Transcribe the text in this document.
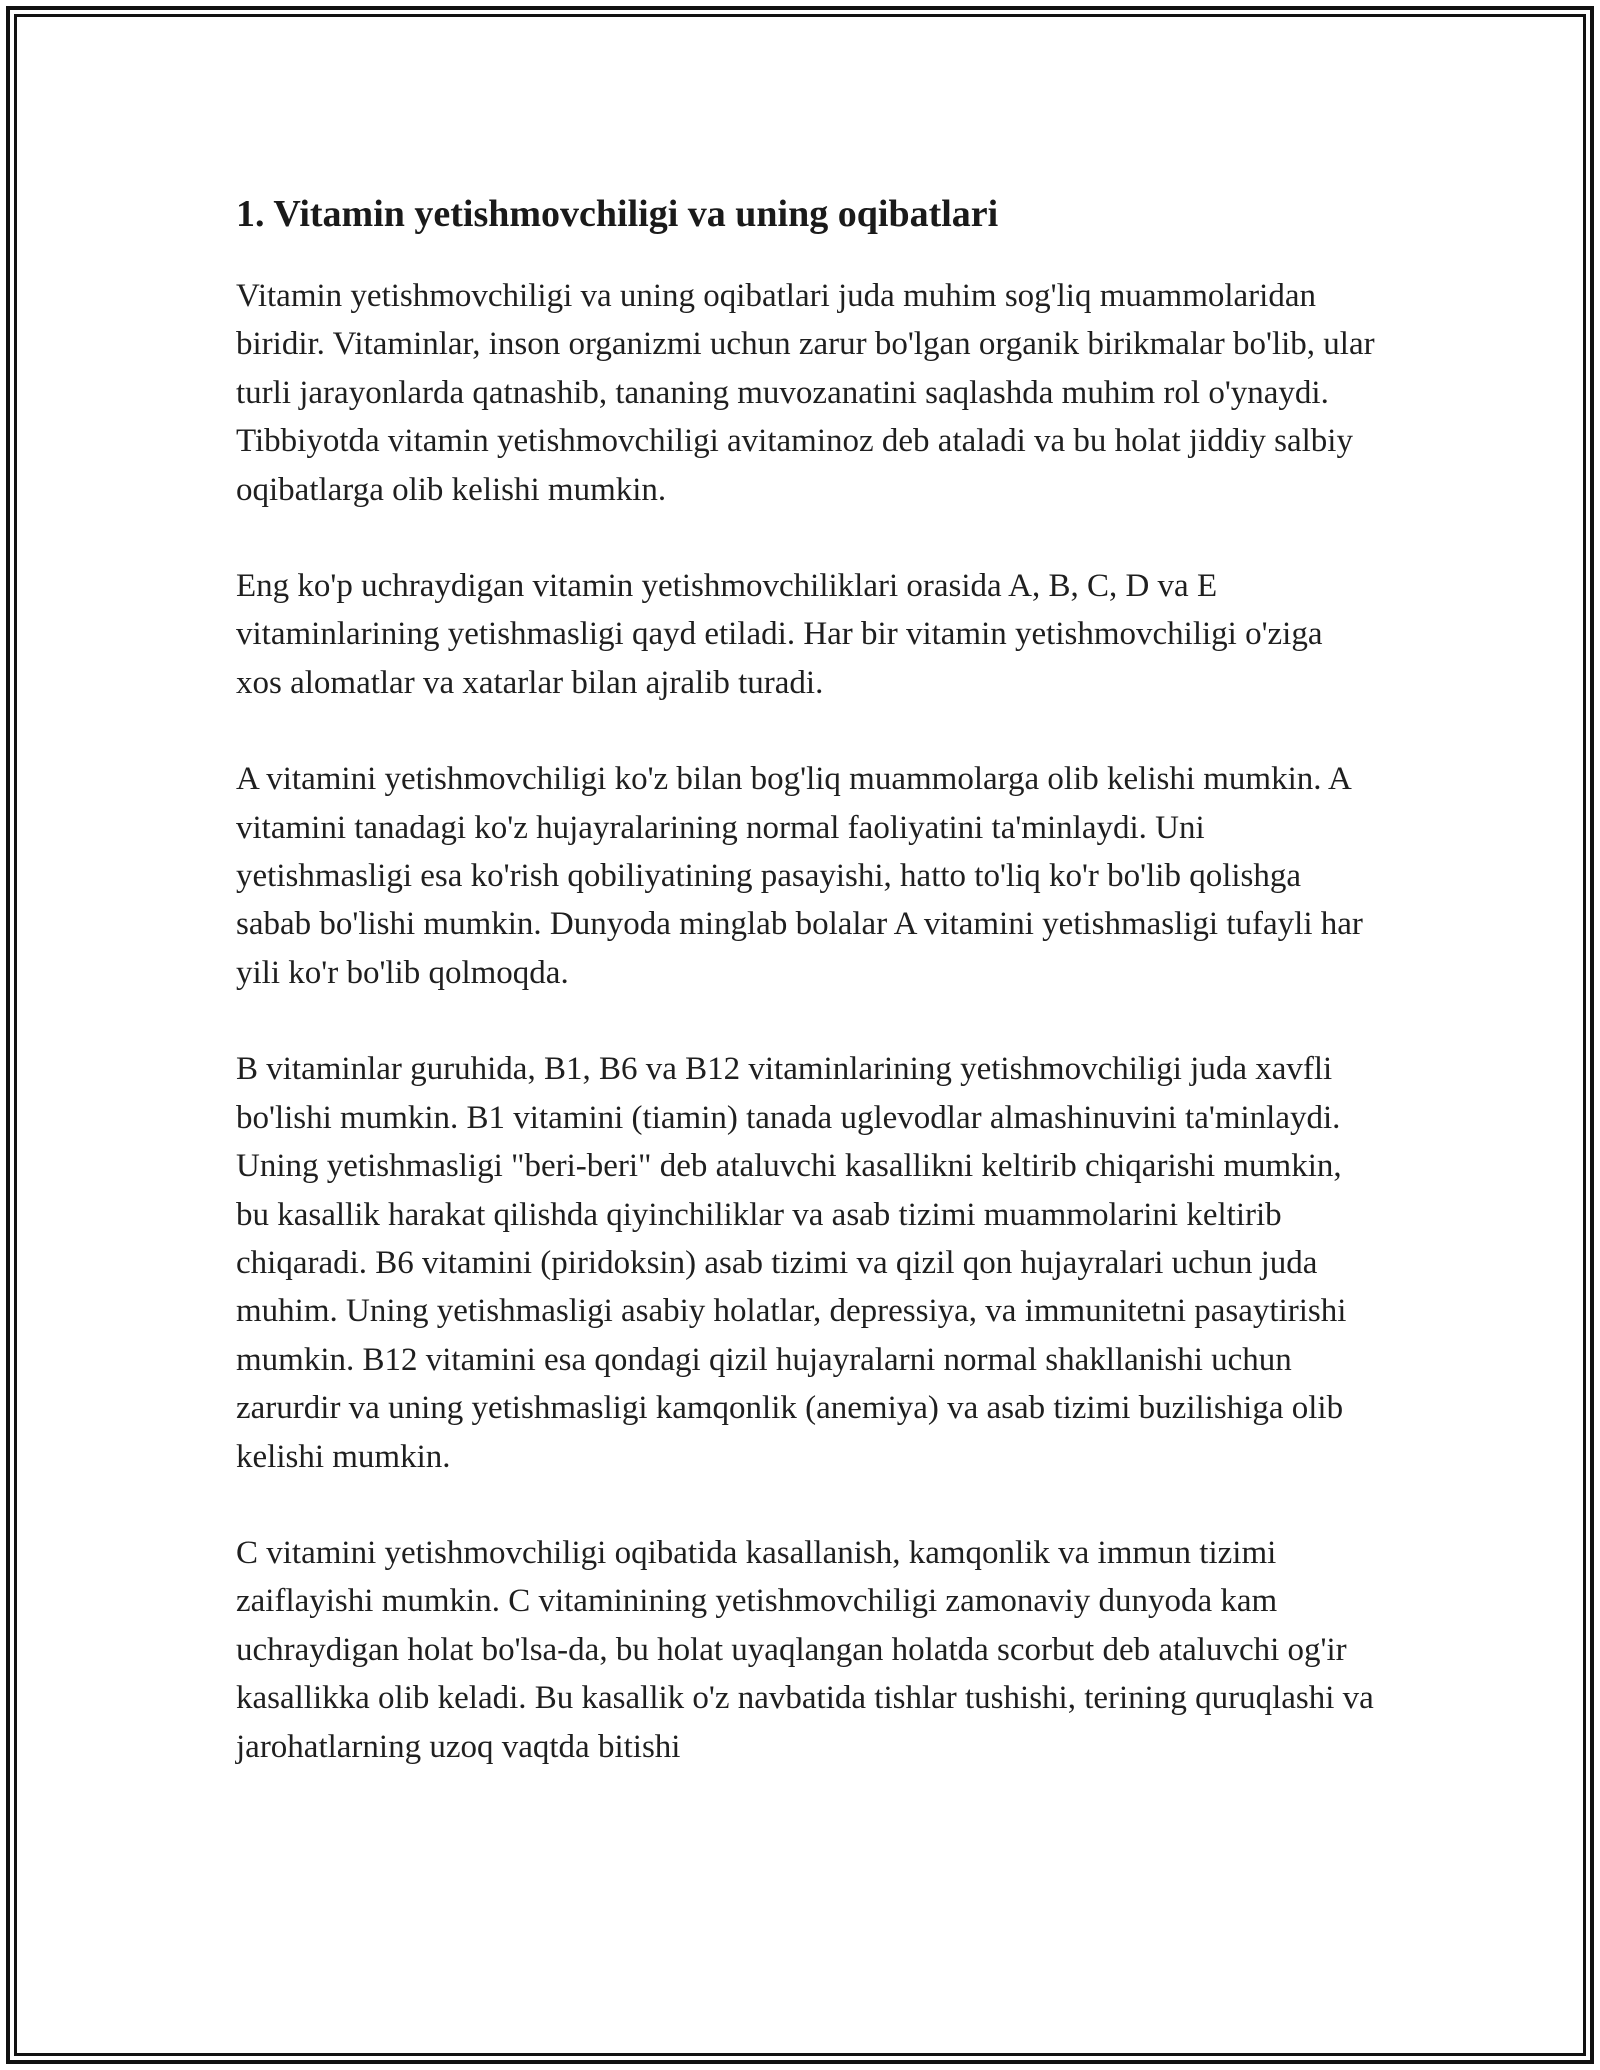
1. Vitamin yetishmovchiligi va uning oqibatlari

Vitamin yetishmovchiligi va uning oqibatlari juda muhim sog'liq muammolaridan biridir. Vitaminlar, inson organizmi uchun zarur bo'lgan organik birikmalar bo'lib, ular turli jarayonlarda qatnashib, tananing muvozanatini saqlashda muhim rol o'ynaydi. Tibbiyotda vitamin yetishmovchiligi avitaminoz deb ataladi va bu holat jiddiy salbiy oqibatlarga olib kelishi mumkin.

Eng ko'p uchraydigan vitamin yetishmovchiliklari orasida A, B, C, D va E vitaminlarining yetishmasligi qayd etiladi. Har bir vitamin yetishmovchiligi o'ziga xos alomatlar va xatarlar bilan ajralib turadi.

A vitamini yetishmovchiligi ko'z bilan bog'liq muammolarga olib kelishi mumkin. A vitamini tanadagi ko'z hujayralarining normal faoliyatini ta'minlaydi. Uni yetishmasligi esa ko'rish qobiliyatining pasayishi, hatto to'liq ko'r bo'lib qolishga sabab bo'lishi mumkin. Dunyoda minglab bolalar A vitamini yetishmasligi tufayli har yili ko'r bo'lib qolmoqda.

B vitaminlar guruhida, B1, B6 va B12 vitaminlarining yetishmovchiligi juda xavfli bo'lishi mumkin. B1 vitamini (tiamin) tanada uglevodlar almashinuvini ta'minlaydi. Uning yetishmasligi "beri-beri" deb ataluvchi kasallikni keltirib chiqarishi mumkin, bu kasallik harakat qilishda qiyinchiliklar va asab tizimi muammolarini keltirib chiqaradi. B6 vitamini (piridoksin) asab tizimi va qizil qon hujayralari uchun juda muhim. Uning yetishmasligi asabiy holatlar, depressiya, va immunitetni pasaytirishi mumkin. B12 vitamini esa qondagi qizil hujayralarni normal shakllanishi uchun zarurdir va uning yetishmasligi kamqonlik (anemiya) va asab tizimi buzilishiga olib kelishi mumkin.

C vitamini yetishmovchiligi oqibatida kasallanish, kamqonlik va immun tizimi zaiflayishi mumkin. C vitaminining yetishmovchiligi zamonaviy dunyoda kam uchraydigan holat bo'lsa-da, bu holat uyaqlangan holatda scorbut deb ataluvchi og'ir kasallikka olib keladi. Bu kasallik o'z navbatida tishlar tushishi, terining quruqlashi va jarohatlarning uzoq vaqtda bitishi
